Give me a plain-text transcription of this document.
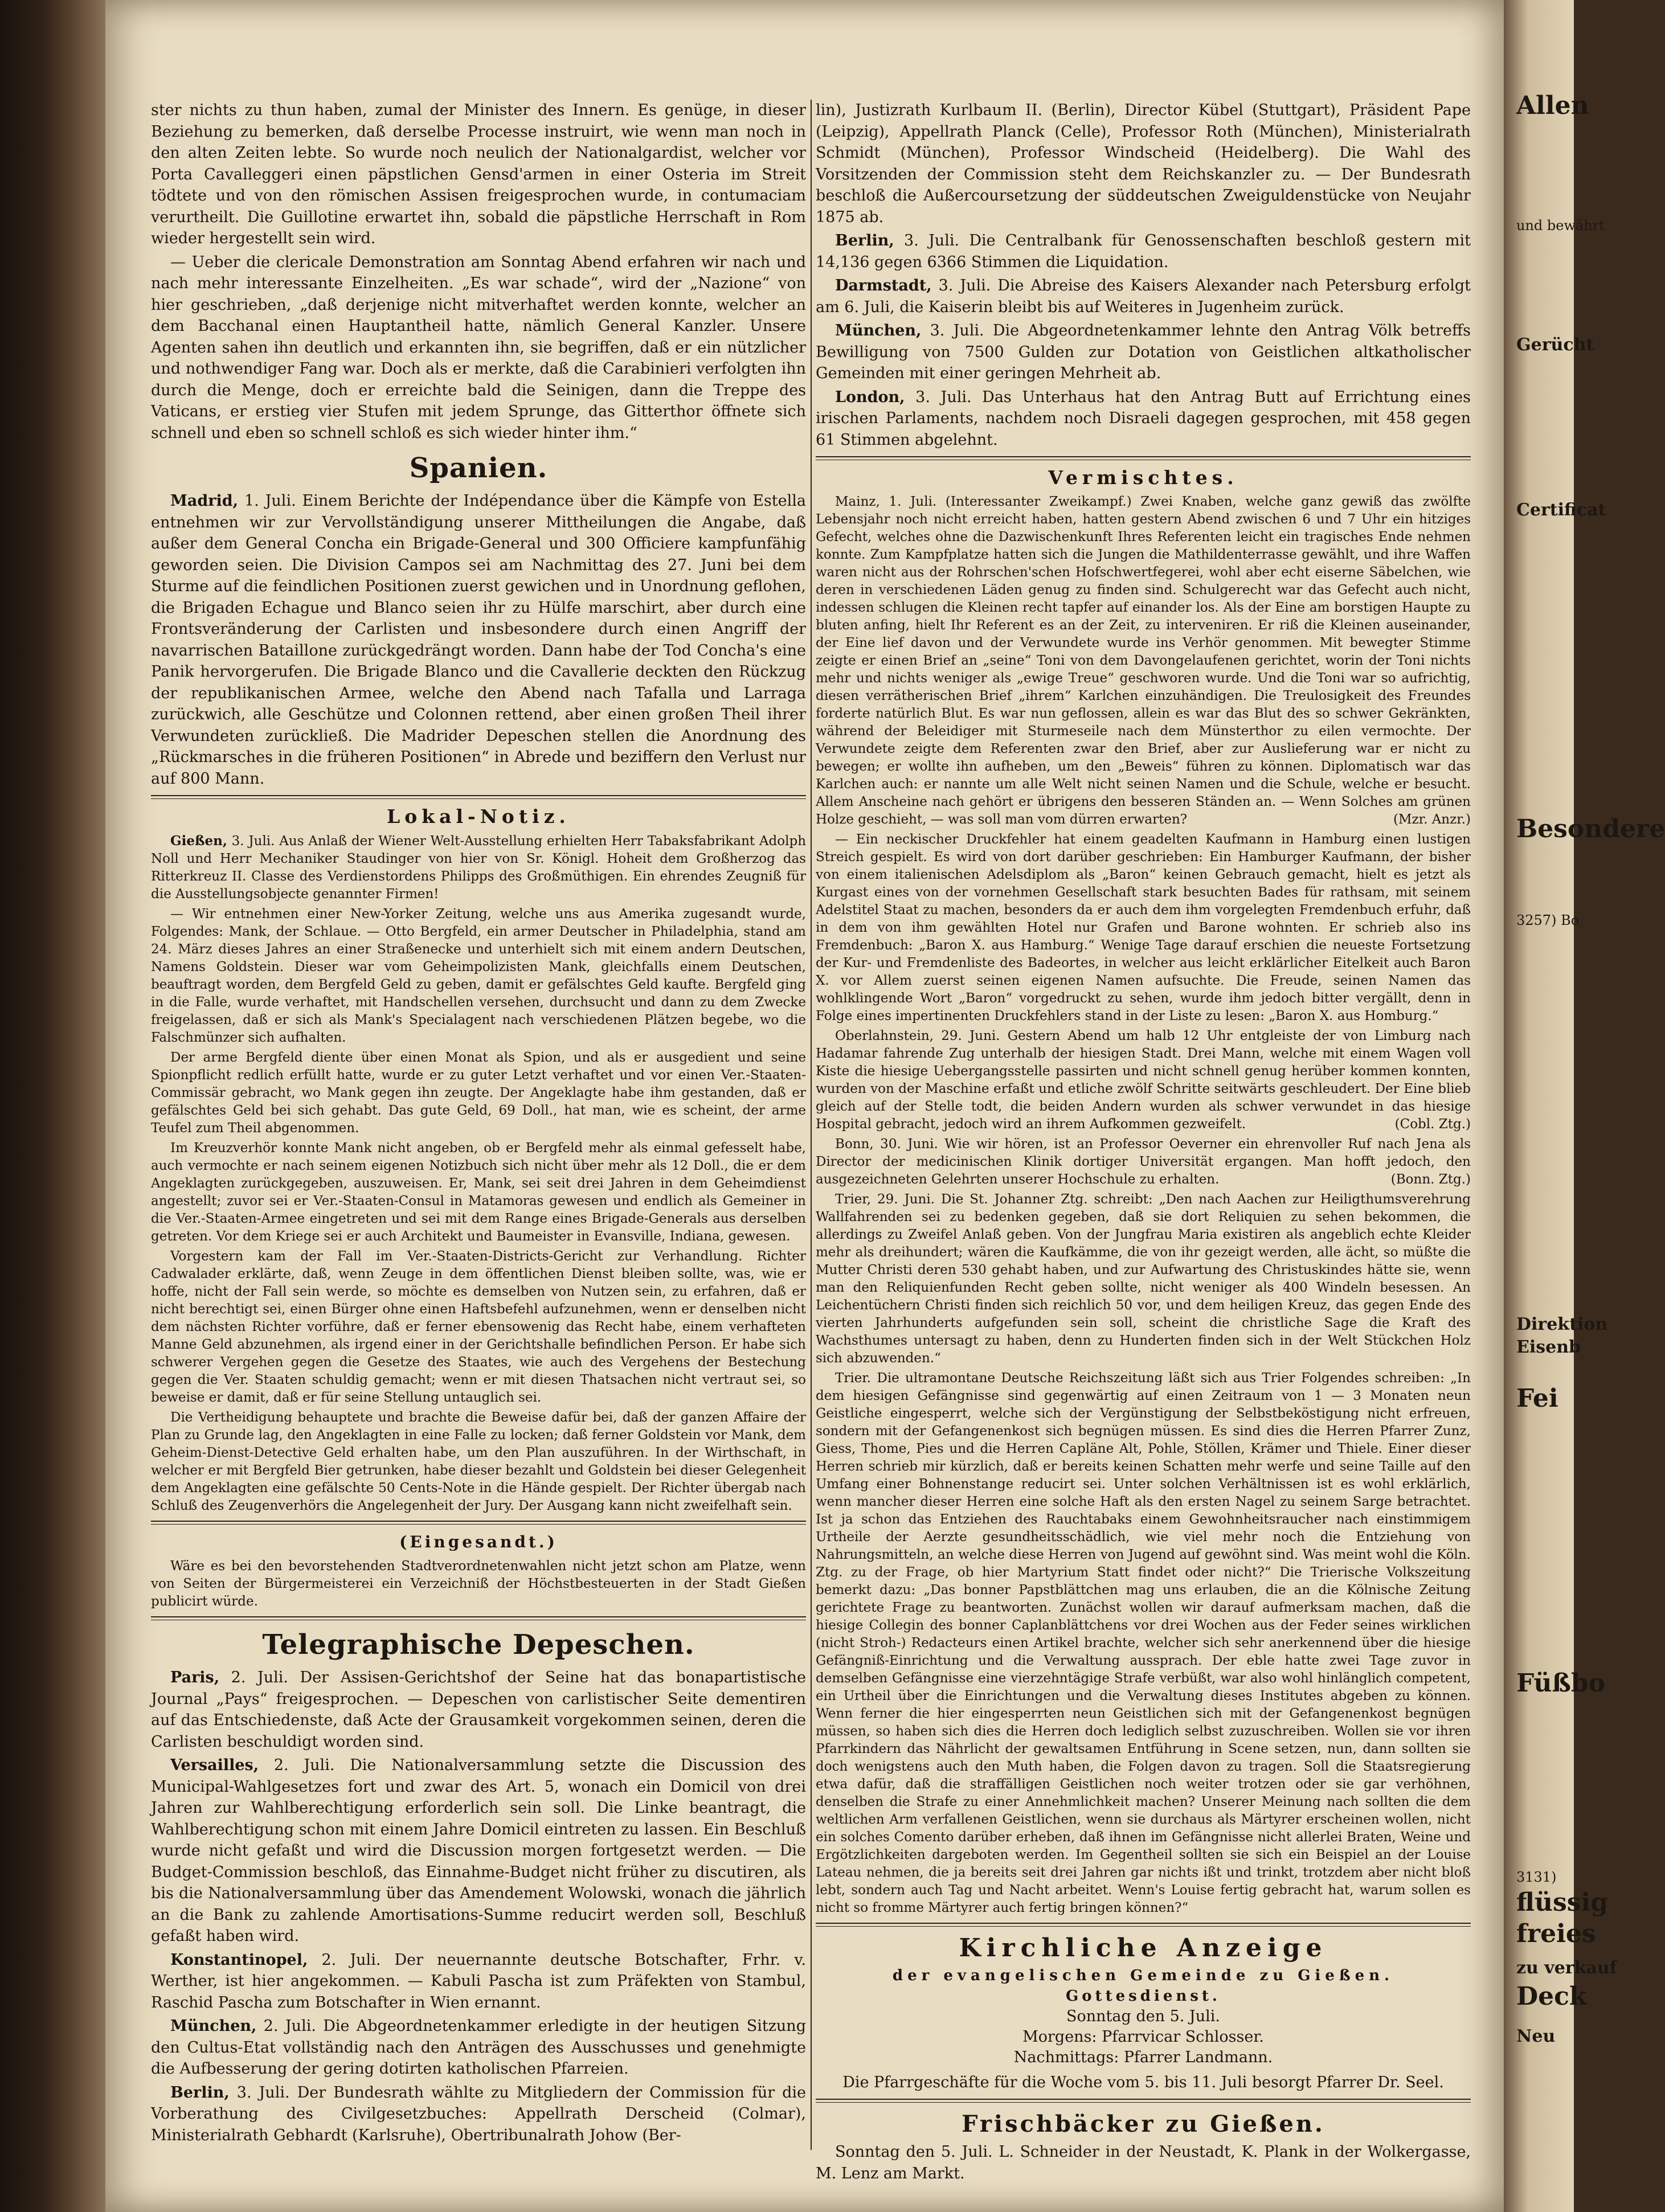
ster nichts zu thun haben, zumal der Minister des Innern. Es genüge, in dieser Beziehung zu bemerken, daß derselbe Processe instruirt, wie wenn man noch in den alten Zeiten lebte. So wurde noch neulich der Nationalgardist, welcher vor Porta Cavalleggeri einen päpstlichen Gensd'armen in einer Osteria im Streit tödtete und von den römischen Assisen freigesprochen wurde, in contumaciam verurtheilt. Die Guillotine erwartet ihn, sobald die päpstliche Herrschaft in Rom wieder hergestellt sein wird.

— Ueber die clericale Demonstration am Sonntag Abend erfahren wir nach und nach mehr interessante Einzelheiten. „Es war schade“, wird der „Nazione“ von hier geschrieben, „daß derjenige nicht mitverhaftet werden konnte, welcher an dem Bacchanal einen Hauptantheil hatte, nämlich General Kanzler. Unsere Agenten sahen ihn deutlich und erkannten ihn, sie begriffen, daß er ein nützlicher und nothwendiger Fang war. Doch als er merkte, daß die Carabinieri verfolgten ihn durch die Menge, doch er erreichte bald die Seinigen, dann die Treppe des Vaticans, er erstieg vier Stufen mit jedem Sprunge, das Gitterthor öffnete sich schnell und eben so schnell schloß es sich wieder hinter ihm.“

Spanien.

Madrid, 1. Juli. Einem Berichte der Indépendance über die Kämpfe von Estella entnehmen wir zur Vervollständigung unserer Mittheilungen die Angabe, daß außer dem General Concha ein Brigade-General und 300 Officiere kampfunfähig geworden seien. Die Division Campos sei am Nachmittag des 27. Juni bei dem Sturme auf die feindlichen Positionen zuerst gewichen und in Unordnung geflohen, die Brigaden Echague und Blanco seien ihr zu Hülfe marschirt, aber durch eine Frontsveränderung der Carlisten und insbesondere durch einen Angriff der navarrischen Bataillone zurückgedrängt worden. Dann habe der Tod Concha's eine Panik hervorgerufen. Die Brigade Blanco und die Cavallerie deckten den Rückzug der republikanischen Armee, welche den Abend nach Tafalla und Larraga zurückwich, alle Geschütze und Colonnen rettend, aber einen großen Theil ihrer Verwundeten zurückließ. Die Madrider Depeschen stellen die Anordnung des „Rückmarsches in die früheren Positionen“ in Abrede und beziffern den Verlust nur auf 800 Mann.

Lokal-Notiz.

Gießen, 3. Juli. Aus Anlaß der Wiener Welt-Ausstellung erhielten Herr Tabaksfabrikant Adolph Noll und Herr Mechaniker Staudinger von hier von Sr. Königl. Hoheit dem Großherzog das Ritterkreuz II. Classe des Verdienstordens Philipps des Großmüthigen. Ein ehrendes Zeugniß für die Ausstellungsobjecte genannter Firmen!

— Wir entnehmen einer New-Yorker Zeitung, welche uns aus Amerika zugesandt wurde, Folgendes: Mank, der Schlaue. — Otto Bergfeld, ein armer Deutscher in Philadelphia, stand am 24. März dieses Jahres an einer Straßenecke und unterhielt sich mit einem andern Deutschen, Namens Goldstein. Dieser war vom Geheimpolizisten Mank, gleichfalls einem Deutschen, beauftragt worden, dem Bergfeld Geld zu geben, damit er gefälschtes Geld kaufte. Bergfeld ging in die Falle, wurde verhaftet, mit Handschellen versehen, durchsucht und dann zu dem Zwecke freigelassen, daß er sich als Mank's Specialagent nach verschiedenen Plätzen begebe, wo die Falschmünzer sich aufhalten.

Der arme Bergfeld diente über einen Monat als Spion, und als er ausgedient und seine Spionpflicht redlich erfüllt hatte, wurde er zu guter Letzt verhaftet und vor einen Ver.-Staaten-Commissär gebracht, wo Mank gegen ihn zeugte. Der Angeklagte habe ihm gestanden, daß er gefälschtes Geld bei sich gehabt. Das gute Geld, 69 Doll., hat man, wie es scheint, der arme Teufel zum Theil abgenommen.

Im Kreuzverhör konnte Mank nicht angeben, ob er Bergfeld mehr als einmal gefesselt habe, auch vermochte er nach seinem eigenen Notizbuch sich nicht über mehr als 12 Doll., die er dem Angeklagten zurückgegeben, auszuweisen. Er, Mank, sei seit drei Jahren in dem Geheimdienst angestellt; zuvor sei er Ver.-Staaten-Consul in Matamoras gewesen und endlich als Gemeiner in die Ver.-Staaten-Armee eingetreten und sei mit dem Range eines Brigade-Generals aus derselben getreten. Vor dem Kriege sei er auch Architekt und Baumeister in Evansville, Indiana, gewesen.

Vorgestern kam der Fall im Ver.-Staaten-Districts-Gericht zur Verhandlung. Richter Cadwalader erklärte, daß, wenn Zeuge in dem öffentlichen Dienst bleiben sollte, was, wie er hoffe, nicht der Fall sein werde, so möchte es demselben von Nutzen sein, zu erfahren, daß er nicht berechtigt sei, einen Bürger ohne einen Haftsbefehl aufzunehmen, wenn er denselben nicht dem nächsten Richter vorführe, daß er ferner ebensowenig das Recht habe, einem verhafteten Manne Geld abzunehmen, als irgend einer in der Gerichtshalle befindlichen Person. Er habe sich schwerer Vergehen gegen die Gesetze des Staates, wie auch des Vergehens der Bestechung gegen die Ver. Staaten schuldig gemacht; wenn er mit diesen Thatsachen nicht vertraut sei, so beweise er damit, daß er für seine Stellung untauglich sei.

Die Vertheidigung behauptete und brachte die Beweise dafür bei, daß der ganzen Affaire der Plan zu Grunde lag, den Angeklagten in eine Falle zu locken; daß ferner Goldstein vor Mank, dem Geheim-Dienst-Detective Geld erhalten habe, um den Plan auszuführen. In der Wirthschaft, in welcher er mit Bergfeld Bier getrunken, habe dieser bezahlt und Goldstein bei dieser Gelegenheit dem Angeklagten eine gefälschte 50 Cents-Note in die Hände gespielt. Der Richter übergab nach Schluß des Zeugenverhörs die Angelegenheit der Jury. Der Ausgang kann nicht zweifelhaft sein.

(Eingesandt.)

Wäre es bei den bevorstehenden Stadtverordnetenwahlen nicht jetzt schon am Platze, wenn von Seiten der Bürgermeisterei ein Verzeichniß der Höchstbesteuerten in der Stadt Gießen publicirt würde.

Telegraphische Depeschen.

Paris, 2. Juli. Der Assisen-Gerichtshof der Seine hat das bonapartistische Journal „Pays“ freigesprochen. — Depeschen von carlistischer Seite dementiren auf das Entschiedenste, daß Acte der Grausamkeit vorgekommen seinen, deren die Carlisten beschuldigt worden sind.

Versailles, 2. Juli. Die Nationalversammlung setzte die Discussion des Municipal-Wahlgesetzes fort und zwar des Art. 5, wonach ein Domicil von drei Jahren zur Wahlberechtigung erforderlich sein soll. Die Linke beantragt, die Wahlberechtigung schon mit einem Jahre Domicil eintreten zu lassen. Ein Beschluß wurde nicht gefaßt und wird die Discussion morgen fortgesetzt werden. — Die Budget-Commission beschloß, das Einnahme-Budget nicht früher zu discutiren, als bis die Nationalversammlung über das Amendement Wolowski, wonach die jährlich an die Bank zu zahlende Amortisations-Summe reducirt werden soll, Beschluß gefaßt haben wird.

Konstantinopel, 2. Juli. Der neuernannte deutsche Botschafter, Frhr. v. Werther, ist hier angekommen. — Kabuli Pascha ist zum Präfekten von Stambul, Raschid Pascha zum Botschafter in Wien ernannt.

München, 2. Juli. Die Abgeordnetenkammer erledigte in der heutigen Sitzung den Cultus-Etat vollständig nach den Anträgen des Ausschusses und genehmigte die Aufbesserung der gering dotirten katholischen Pfarreien.

Berlin, 3. Juli. Der Bundesrath wählte zu Mitgliedern der Commission für die Vorberathung des Civilgesetzbuches: Appellrath Derscheid (Colmar), Ministerialrath Gebhardt (Karlsruhe), Obertribunalrath Johow (Ber-

lin), Justizrath Kurlbaum II. (Berlin), Director Kübel (Stuttgart), Präsident Pape (Leipzig), Appellrath Planck (Celle), Professor Roth (München), Ministerialrath Schmidt (München), Professor Windscheid (Heidelberg). Die Wahl des Vorsitzenden der Commission steht dem Reichskanzler zu. — Der Bundesrath beschloß die Außercoursetzung der süddeutschen Zweiguldenstücke von Neujahr 1875 ab.

Berlin, 3. Juli. Die Centralbank für Genossenschaften beschloß gestern mit 14,136 gegen 6366 Stimmen die Liquidation.

Darmstadt, 3. Juli. Die Abreise des Kaisers Alexander nach Petersburg erfolgt am 6. Juli, die Kaiserin bleibt bis auf Weiteres in Jugenheim zurück.

München, 3. Juli. Die Abgeordnetenkammer lehnte den Antrag Völk betreffs Bewilligung von 7500 Gulden zur Dotation von Geistlichen altkatholischer Gemeinden mit einer geringen Mehrheit ab.

London, 3. Juli. Das Unterhaus hat den Antrag Butt auf Errichtung eines irischen Parlaments, nachdem noch Disraeli dagegen gesprochen, mit 458 gegen 61 Stimmen abgelehnt.

Vermischtes.

Mainz, 1. Juli. (Interessanter Zweikampf.) Zwei Knaben, welche ganz gewiß das zwölfte Lebensjahr noch nicht erreicht haben, hatten gestern Abend zwischen 6 und 7 Uhr ein hitziges Gefecht, welches ohne die Dazwischenkunft Ihres Referenten leicht ein tragisches Ende nehmen konnte. Zum Kampfplatze hatten sich die Jungen die Mathildenterrasse gewählt, und ihre Waffen waren nicht aus der Rohrschen'schen Hofschwertfegerei, wohl aber echt eiserne Säbelchen, wie deren in verschiedenen Läden genug zu finden sind. Schulgerecht war das Gefecht auch nicht, indessen schlugen die Kleinen recht tapfer auf einander los. Als der Eine am borstigen Haupte zu bluten anfing, hielt Ihr Referent es an der Zeit, zu interveniren. Er riß die Kleinen auseinander, der Eine lief davon und der Verwundete wurde ins Verhör genommen. Mit bewegter Stimme zeigte er einen Brief an „seine“ Toni von dem Davongelaufenen gerichtet, worin der Toni nichts mehr und nichts weniger als „ewige Treue“ geschworen wurde. Und die Toni war so aufrichtig, diesen verrätherischen Brief „ihrem“ Karlchen einzuhändigen. Die Treulosigkeit des Freundes forderte natürlich Blut. Es war nun geflossen, allein es war das Blut des so schwer Gekränkten, während der Beleidiger mit Sturmeseile nach dem Münsterthor zu eilen vermochte. Der Verwundete zeigte dem Referenten zwar den Brief, aber zur Auslieferung war er nicht zu bewegen; er wollte ihn aufheben, um den „Beweis“ führen zu können. Diplomatisch war das Karlchen auch: er nannte um alle Welt nicht seinen Namen und die Schule, welche er besucht. Allem Anscheine nach gehört er übrigens den besseren Ständen an. — Wenn Solches am grünen Holze geschieht, — was soll man vom dürren erwarten?	(Mzr. Anzr.)

— Ein neckischer Druckfehler hat einem geadelten Kaufmann in Hamburg einen lustigen Streich gespielt. Es wird von dort darüber geschrieben: Ein Hamburger Kaufmann, der bisher von einem italienischen Adelsdiplom als „Baron“ keinen Gebrauch gemacht, hielt es jetzt als Kurgast eines von der vornehmen Gesellschaft stark besuchten Bades für rathsam, mit seinem Adelstitel Staat zu machen, besonders da er auch dem ihm vorgelegten Fremdenbuch erfuhr, daß in dem von ihm gewählten Hotel nur Grafen und Barone wohnten. Er schrieb also ins Fremdenbuch: „Baron X. aus Hamburg.“ Wenige Tage darauf erschien die neueste Fortsetzung der Kur- und Fremdenliste des Badeortes, in welcher aus leicht erklärlicher Eitelkeit auch Baron X. vor Allem zuerst seinen eigenen Namen aufsuchte. Die Freude, seinen Namen das wohlklingende Wort „Baron“ vorgedruckt zu sehen, wurde ihm jedoch bitter vergällt, denn in Folge eines impertinenten Druckfehlers stand in der Liste zu lesen: „Baron X. aus Homburg.“

Oberlahnstein, 29. Juni. Gestern Abend um halb 12 Uhr entgleiste der von Limburg nach Hadamar fahrende Zug unterhalb der hiesigen Stadt. Drei Mann, welche mit einem Wagen voll Kiste die hiesige Uebergangsstelle passirten und nicht schnell genug herüber kommen konnten, wurden von der Maschine erfaßt und etliche zwölf Schritte seitwärts geschleudert. Der Eine blieb gleich auf der Stelle todt, die beiden Andern wurden als schwer verwundet in das hiesige Hospital gebracht, jedoch wird an ihrem Aufkommen gezweifelt.	(Cobl. Ztg.)

Bonn, 30. Juni. Wie wir hören, ist an Professor Oeverner ein ehrenvoller Ruf nach Jena als Director der medicinischen Klinik dortiger Universität ergangen. Man hofft jedoch, den ausgezeichneten Gelehrten unserer Hochschule zu erhalten.	(Bonn. Ztg.)

Trier, 29. Juni. Die St. Johanner Ztg. schreibt: „Den nach Aachen zur Heiligthumsverehrung Wallfahrenden sei zu bedenken gegeben, daß sie dort Reliquien zu sehen bekommen, die allerdings zu Zweifel Anlaß geben. Von der Jungfrau Maria existiren als angeblich echte Kleider mehr als dreihundert; wären die Kaufkämme, die von ihr gezeigt werden, alle ächt, so müßte die Mutter Christi deren 530 gehabt haben, und zur Aufwartung des Christuskindes hätte sie, wenn man den Reliquienfunden Recht geben sollte, nicht weniger als 400 Windeln besessen. An Leichentüchern Christi finden sich reichlich 50 vor, und dem heiligen Kreuz, das gegen Ende des vierten Jahrhunderts aufgefunden sein soll, scheint die christliche Sage die Kraft des Wachsthumes untersagt zu haben, denn zu Hunderten finden sich in der Welt Stückchen Holz sich abzuwenden.“

Trier. Die ultramontane Deutsche Reichszeitung läßt sich aus Trier Folgendes schreiben: „In dem hiesigen Gefängnisse sind gegenwärtig auf einen Zeitraum von 1 — 3 Monaten neun Geistliche eingesperrt, welche sich der Vergünstigung der Selbstbeköstigung nicht erfreuen, sondern mit der Gefangenenkost sich begnügen müssen. Es sind dies die Herren Pfarrer Zunz, Giess, Thome, Pies und die Herren Capläne Alt, Pohle, Stöllen, Krämer und Thiele. Einer dieser Herren schrieb mir kürzlich, daß er bereits keinen Schatten mehr werfe und seine Taille auf den Umfang einer Bohnenstange reducirt sei. Unter solchen Verhältnissen ist es wohl erklärlich, wenn mancher dieser Herren eine solche Haft als den ersten Nagel zu seinem Sarge betrachtet. Ist ja schon das Entziehen des Rauchtabaks einem Gewohnheitsraucher nach einstimmigem Urtheile der Aerzte gesundheitsschädlich, wie viel mehr noch die Entziehung von Nahrungsmitteln, an welche diese Herren von Jugend auf gewöhnt sind. Was meint wohl die Köln. Ztg. zu der Frage, ob hier Martyrium Statt findet oder nicht?“ Die Trierische Volkszeitung bemerkt dazu: „Das bonner Papstblättchen mag uns erlauben, die an die Kölnische Zeitung gerichtete Frage zu beantworten. Zunächst wollen wir darauf aufmerksam machen, daß die hiesige Collegin des bonner Caplanblättchens vor drei Wochen aus der Feder seines wirklichen (nicht Stroh-) Redacteurs einen Artikel brachte, welcher sich sehr anerkennend über die hiesige Gefängniß-Einrichtung und die Verwaltung aussprach. Der eble hatte zwei Tage zuvor in demselben Gefängnisse eine vierzehntägige Strafe verbüßt, war also wohl hinlänglich competent, ein Urtheil über die Einrichtungen und die Verwaltung dieses Institutes abgeben zu können. Wenn ferner die hier eingesperrten neun Geistlichen sich mit der Gefangenenkost begnügen müssen, so haben sich dies die Herren doch lediglich selbst zuzuschreiben. Wollen sie vor ihren Pfarrkindern das Nährlicht der gewaltsamen Entführung in Scene setzen, nun, dann sollten sie doch wenigstens auch den Muth haben, die Folgen davon zu tragen. Soll die Staatsregierung etwa dafür, daß die straffälligen Geistlichen noch weiter trotzen oder sie gar verhöhnen, denselben die Strafe zu einer Annehmlichkeit machen? Unserer Meinung nach sollten die dem weltlichen Arm verfallenen Geistlichen, wenn sie durchaus als Märtyrer erscheinen wollen, nicht ein solches Comento darüber erheben, daß ihnen im Gefängnisse nicht allerlei Braten, Weine und Ergötzlichkeiten dargeboten werden. Im Gegentheil sollten sie sich ein Beispiel an der Louise Lateau nehmen, die ja bereits seit drei Jahren gar nichts ißt und trinkt, trotzdem aber nicht bloß lebt, sondern auch Tag und Nacht arbeitet. Wenn's Louise fertig gebracht hat, warum sollen es nicht so fromme Märtyrer auch fertig bringen können?“

Kirchliche Anzeige
der evangelischen Gemeinde zu Gießen.
Gottesdienst.
Sonntag den 5. Juli.
Morgens: Pfarrvicar Schlosser.
Nachmittags: Pfarrer Landmann.
Die Pfarrgeschäfte für die Woche vom 5. bis 11. Juli besorgt Pfarrer Dr. Seel.
Frischbäcker zu Gießen.

Sonntag den 5. Juli. L. Schneider in der Neustadt, K. Plank in der Wolkergasse, M. Lenz am Markt.

Allen
und bewährt
Gerücht
Certificat
Besondere
3257) Bo
Direktion
Eisenb
Fei
Füßbo
3131)
flüssig
freies
zu verkauf
Deck
Neu
